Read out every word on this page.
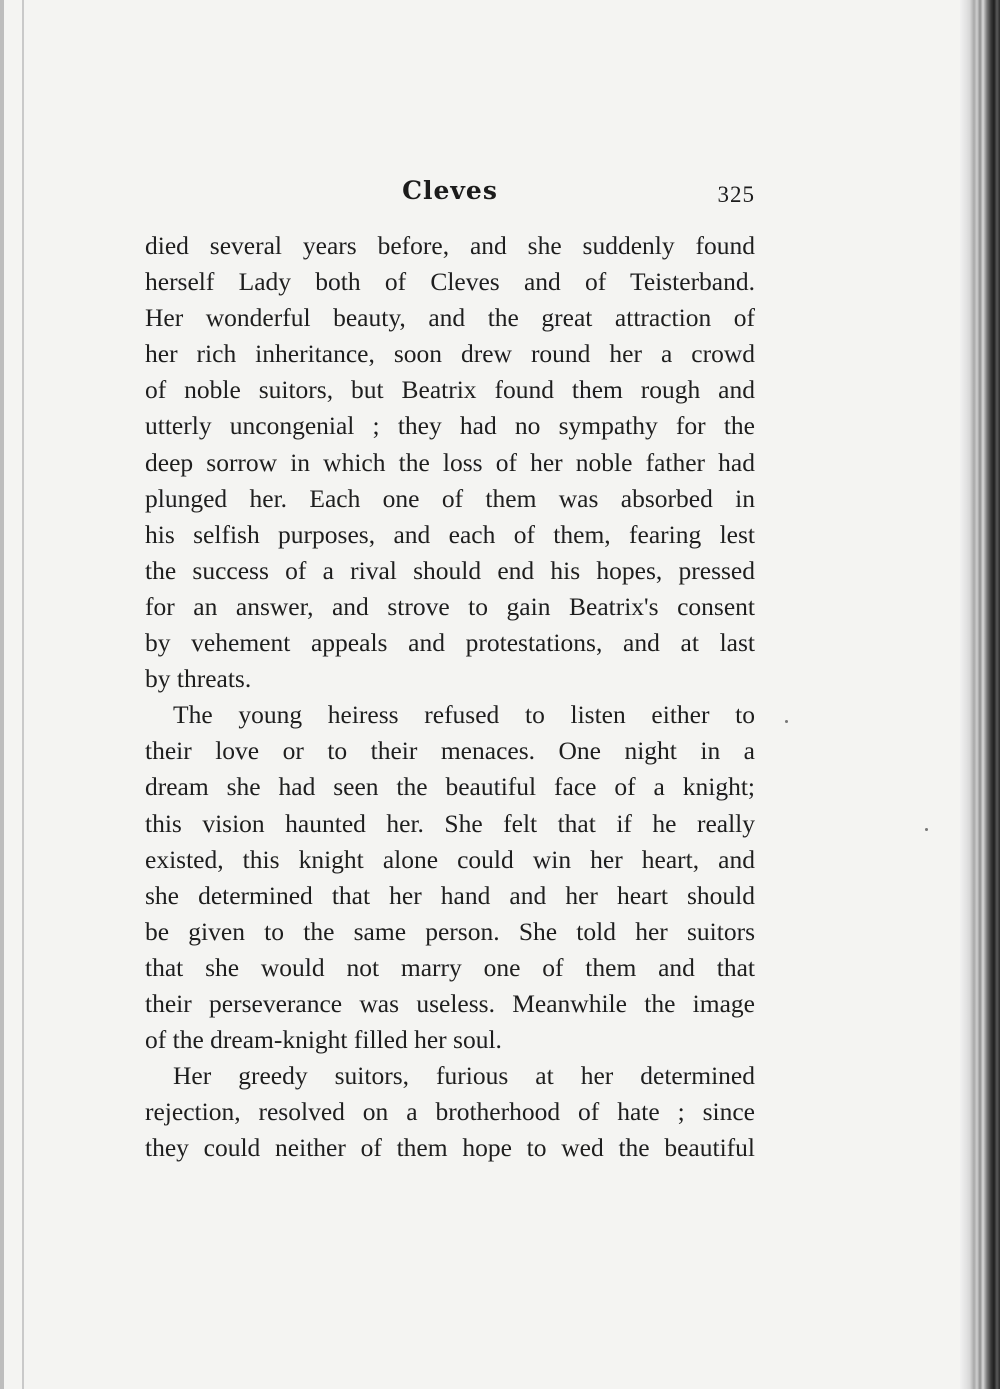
Cleves	325
died several years before, and she suddenly found
herself Lady both of Cleves and of Teisterband.
Her wonderful beauty, and the great attraction of
her rich inheritance, soon drew round her a crowd
of noble suitors, but Beatrix found them rough and
utterly uncongenial ; they had no sympathy for the
deep sorrow in which the loss of her noble father had
plunged her. Each one of them was absorbed in
his selfish purposes, and each of them, fearing lest
the success of a rival should end his hopes, pressed
for an answer, and strove to gain Beatrix's consent
by vehement appeals and protestations, and at last
by threats.
The young heiress refused to listen either to
their love or to their menaces. One night in a
dream she had seen the beautiful face of a knight;
this vision haunted her. She felt that if he really
existed, this knight alone could win her heart, and
she determined that her hand and her heart should
be given to the same person. She told her suitors
that she would not marry one of them and that
their perseverance was useless. Meanwhile the image
of the dream-knight filled her soul.
Her greedy suitors, furious at her determined
rejection, resolved on a brotherhood of hate ; since
they could neither of them hope to wed the beautiful
